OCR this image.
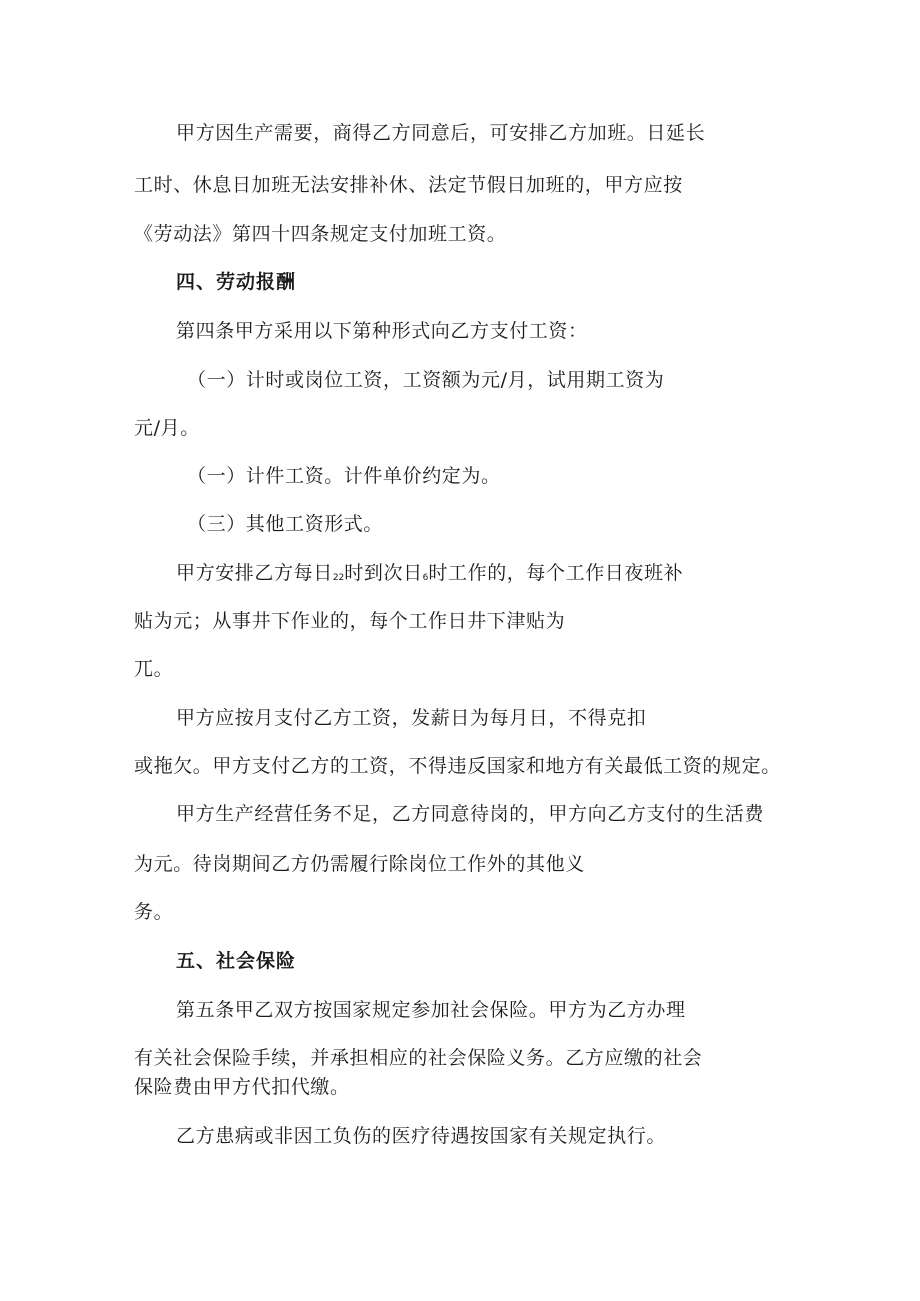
甲方因生产需要，商得乙方同意后，可安排乙方加班。日延长
工时、休息日加班无法安排补休、法定节假日加班的，甲方应按
《劳动法》第四十四条规定支付加班工资。
四、劳动报酬
第四条甲方采用以下第种形式向乙方支付工资：
（一）计时或岗位工资，工资额为元/月，试用期工资为
元/月。
（一）计件工资。计件单价约定为。
（三）其他工资形式。
甲方安排乙方每日22时到次日6时工作的，每个工作日夜班补
贴为元；从事井下作业的，每个工作日井下津贴为
兀。
甲方应按月支付乙方工资，发薪日为每月日，不得克扣
或拖欠。甲方支付乙方的工资，不得违反国家和地方有关最低工资的规定。
甲方生产经营任务不足，乙方同意待岗的，甲方向乙方支付的生活费
为元。待岗期间乙方仍需履行除岗位工作外的其他义
务。
五、社会保险
第五条甲乙双方按国家规定参加社会保险。甲方为乙方办理
有关社会保险手续，并承担相应的社会保险义务。乙方应缴的社会
保险费由甲方代扣代缴。
乙方患病或非因工负伤的医疗待遇按国家有关规定执行。
